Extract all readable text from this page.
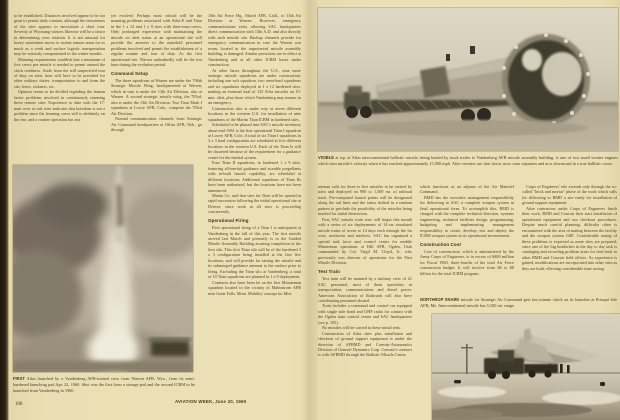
to be established. Distances involved appear to be too great to permit daily rotation, although the remoteness of the sites appears to necessitate a short tour. Severity of Wyoming winters likewise will be a factor in determining crew rotation. It is not unusual for heavy wintertime snows to isolate remote areas for as much as a week and surface logistic transportation may be seriously compromised in the winter months.

Manning requirements establish that a minimum of five crews per missile is needed to permit around the clock readiness. Aside from the still unspecified tour of duty on alert, time will have to be provided for other military duties, transportation to and from the site, leave, sickness, etc.

Opinion seems to be divided regarding the human factor problems involved in continuously manning these remote sites. Experience to date with the 17-man crew at soft sites indicates that boredom is not a problem since the learning curve still is definitely on the rise, and a routine operation has not

yet evolved. Perhaps most critical will be the manning problems associated with Atlas-E and Titan in the 1 x 12 and 1 x 9 sites with three-man crews. Only prolonged experience with maintaining the missile on alert status at an operational site will provide the answers to the manifold personnel problems involved and permit the establishment of a regular routine and tour of duty. As the first operational site, Warren undoubtedly will be the test base during the evolution period.

Command Setup

The three squadrons at Warren are under the 706th Strategic Missile Wing, headquartered at Warren, which in turn is under the 13th Air Division, also at Warren. A second strategic missile wing, the 703rd, also is under the 13th Air Division. Two Titan Mark I squadrons at Lowry AFB, Colo., comprise the 703rd Air Division.

Normal communication channels from Strategic Air Command headquarters at Offutt AFB, Neb., go through

15th Air Force Hq., March AFB, Calif., to 13th Air Division at Warren. However, emergency communications exist, allowing SAC headquarters direct communication with 13th A.D. and also directly with each missile site. Backup channels provide for emergency communication in case the Warren war room, located in the unprotected missile assembly building, is damaged. Similar provisions are in effect at Vandenberg and at all other ICBM bases under construction.

At other bases throughout the U.S., nine more strategic missile squadrons are under construction, including one soft squadron, two semi-hard squadrons and six squadrons deployed in 1 x 12 hardened sites, making an eventual total of 123 Atlas missiles on 15-min. alert, plus those which Vandenberg may muster in an emergency.

Construction also is under way at seven different locations in the western U.S. for installation of nine squadrons of the Martin Titan ICBM in hardened sites.

Scheduled to be phased into SAC's missile inventory about mid-1961 is the first operational Titan I squadron at Lowry AFB, Colo. A total of six Titan I squadrons in 3 x 3 hard configuration are scheduled at five different locations in the western U.S. Each of the Titan Is will be clustered because of the requirement for a guidance center for the inertial system.

Four Titan II squadrons, in hardened 1 x 9 sites, featuring all-inertial guidance and storable propellants with in-built launch capability, are scheduled at different locations. Additional squadrons of Titan IIs have been authorized, but the locations have not been announced.

Martin Co. said that sites for Titan will be opened in rapid succession following the initial operational site at Denver, since work at all sites is proceeding concurrently.

Operational Firing

First operational firing of a Titan I is anticipated at Vandenberg in the fall of this year. The first missile arrived last March and presently is in the Guided Missile Assembly Building awaiting completion of the first silo. This first Titan silo will be of the hardened 3 x 3 configuration being installed at the first five locations, and will provide for raising the missile and its submerged guidance antenna to the surface prior to firing. Excluding the Titan silo at Vandenberg, a total of 10 Titan squadrons are planned in 1 x 9 deployment.

Contracts also have been let on the first Minuteman squadron located in the vicinity of Malmstrom AFB near Great Falls, Mont. Mobility concept for Min-

FIRST Atlas launched by a Vandenberg AFB-trained crew from Warren AFB, Wyo., from its semi-hardened launching pad Apr. 22, 1960. Shot was the first from a storage pad and the second ICBM to be launched from Vandenberg in 1960.
108
AVIATION WEEK, June 20, 1960
VISIBLE at top of Atlas intercontinental ballistic missile, being hauled by truck trailer to Vandenberg AFB missile assembly building, is one of two small vernier engines which trim missile's velocity when it has reached approximately 15,000 mph. After verniers are shut down, nose cone separates and arcs downward in a true ballistic curve.

uteman calls for three to five missiles to be carried by train and deployed on 900 to 1,500 mi. of railroad track. Pre-computed launch points will be designated along the rail lines and the trains shifted in a random pattern to preclude the possibility of the missiles being marked for initial destruction.

First SAC missile train tests will begin this month with a series of six deployments of 14-car simulated missile trains of seven to 14 days each through the far west, northwest and midwest. SAC has organized a special task force and control center for mobile Minuteman operations at Hill AFB, Ogden, Utah commanded by Col. Virgil M. Cloyd, Jr., who previously was director of operations for the First Missile Division.

Test Train

Test train will be manned by a military crew of 21 SAC personnel, most of them specialists in transportation, communications and diesel power. American Association of Railroads will also have coordinating personnel aboard.

Train includes a command and control car equipped with single side band and UHF radio for contact with the Ogden train control center and SAC headquarters (see p. 105).

No missiles will be carried in these initial tests.

Construction of Atlas sites plus installation and checkout of ground support equipment is under the direction of AFBMD and Convair-Astronautics Division of General Dynamics Corp. Convair's contract is with AFBMD through the Ballistic Missile Center,

which functions as an adjunct of the Air Materiel Command.

BMD has the executive management responsibility for delivering to SAC a complete weapon system in final operational form. To accomplish this, BMD is charged with the complete technical direction, systems engineering, technical facilities design, programming, budgeting and implementing management responsibility to create, develop, test and deploy the ICBM weapon system in its operational environment.

Construction Cost

Cost of construction, which is administered by the Army Corps of Engineers, is in excess of $480 million for Fiscal 1960, three-fourths of the total Air Force construction budget. It will involve from $6 to $8 billion for the total ICBM program.

Corps of Engineers' role extends only through the so-called "brick and mortar" phase of the work which calls for delivering to BMD a site ready for installation of ground support equipment.

After contractors under Corps of Engineers finish their work, BMD and Convair then start installation of operational equipment and run checkout procedures. Despite much careful planning, difficulty often is encountered with the area of mating between the facility and the weapon system GSE. Considerable easing of these problems is expected as more sites are prepared, since one of the big headaches in the day to day task is cataloging and recording problem areas for feed back to other BMD and Convair field offices. As experience is gained, modifications are incorporated into other sites as they are built, effecting considerable time saving.

NORTHROP SNARK missile for Strategic Air Command gets last minute check on its launcher at Presque Isle AFB, Me. Intercontinental missile has 5,500 mi. range.
